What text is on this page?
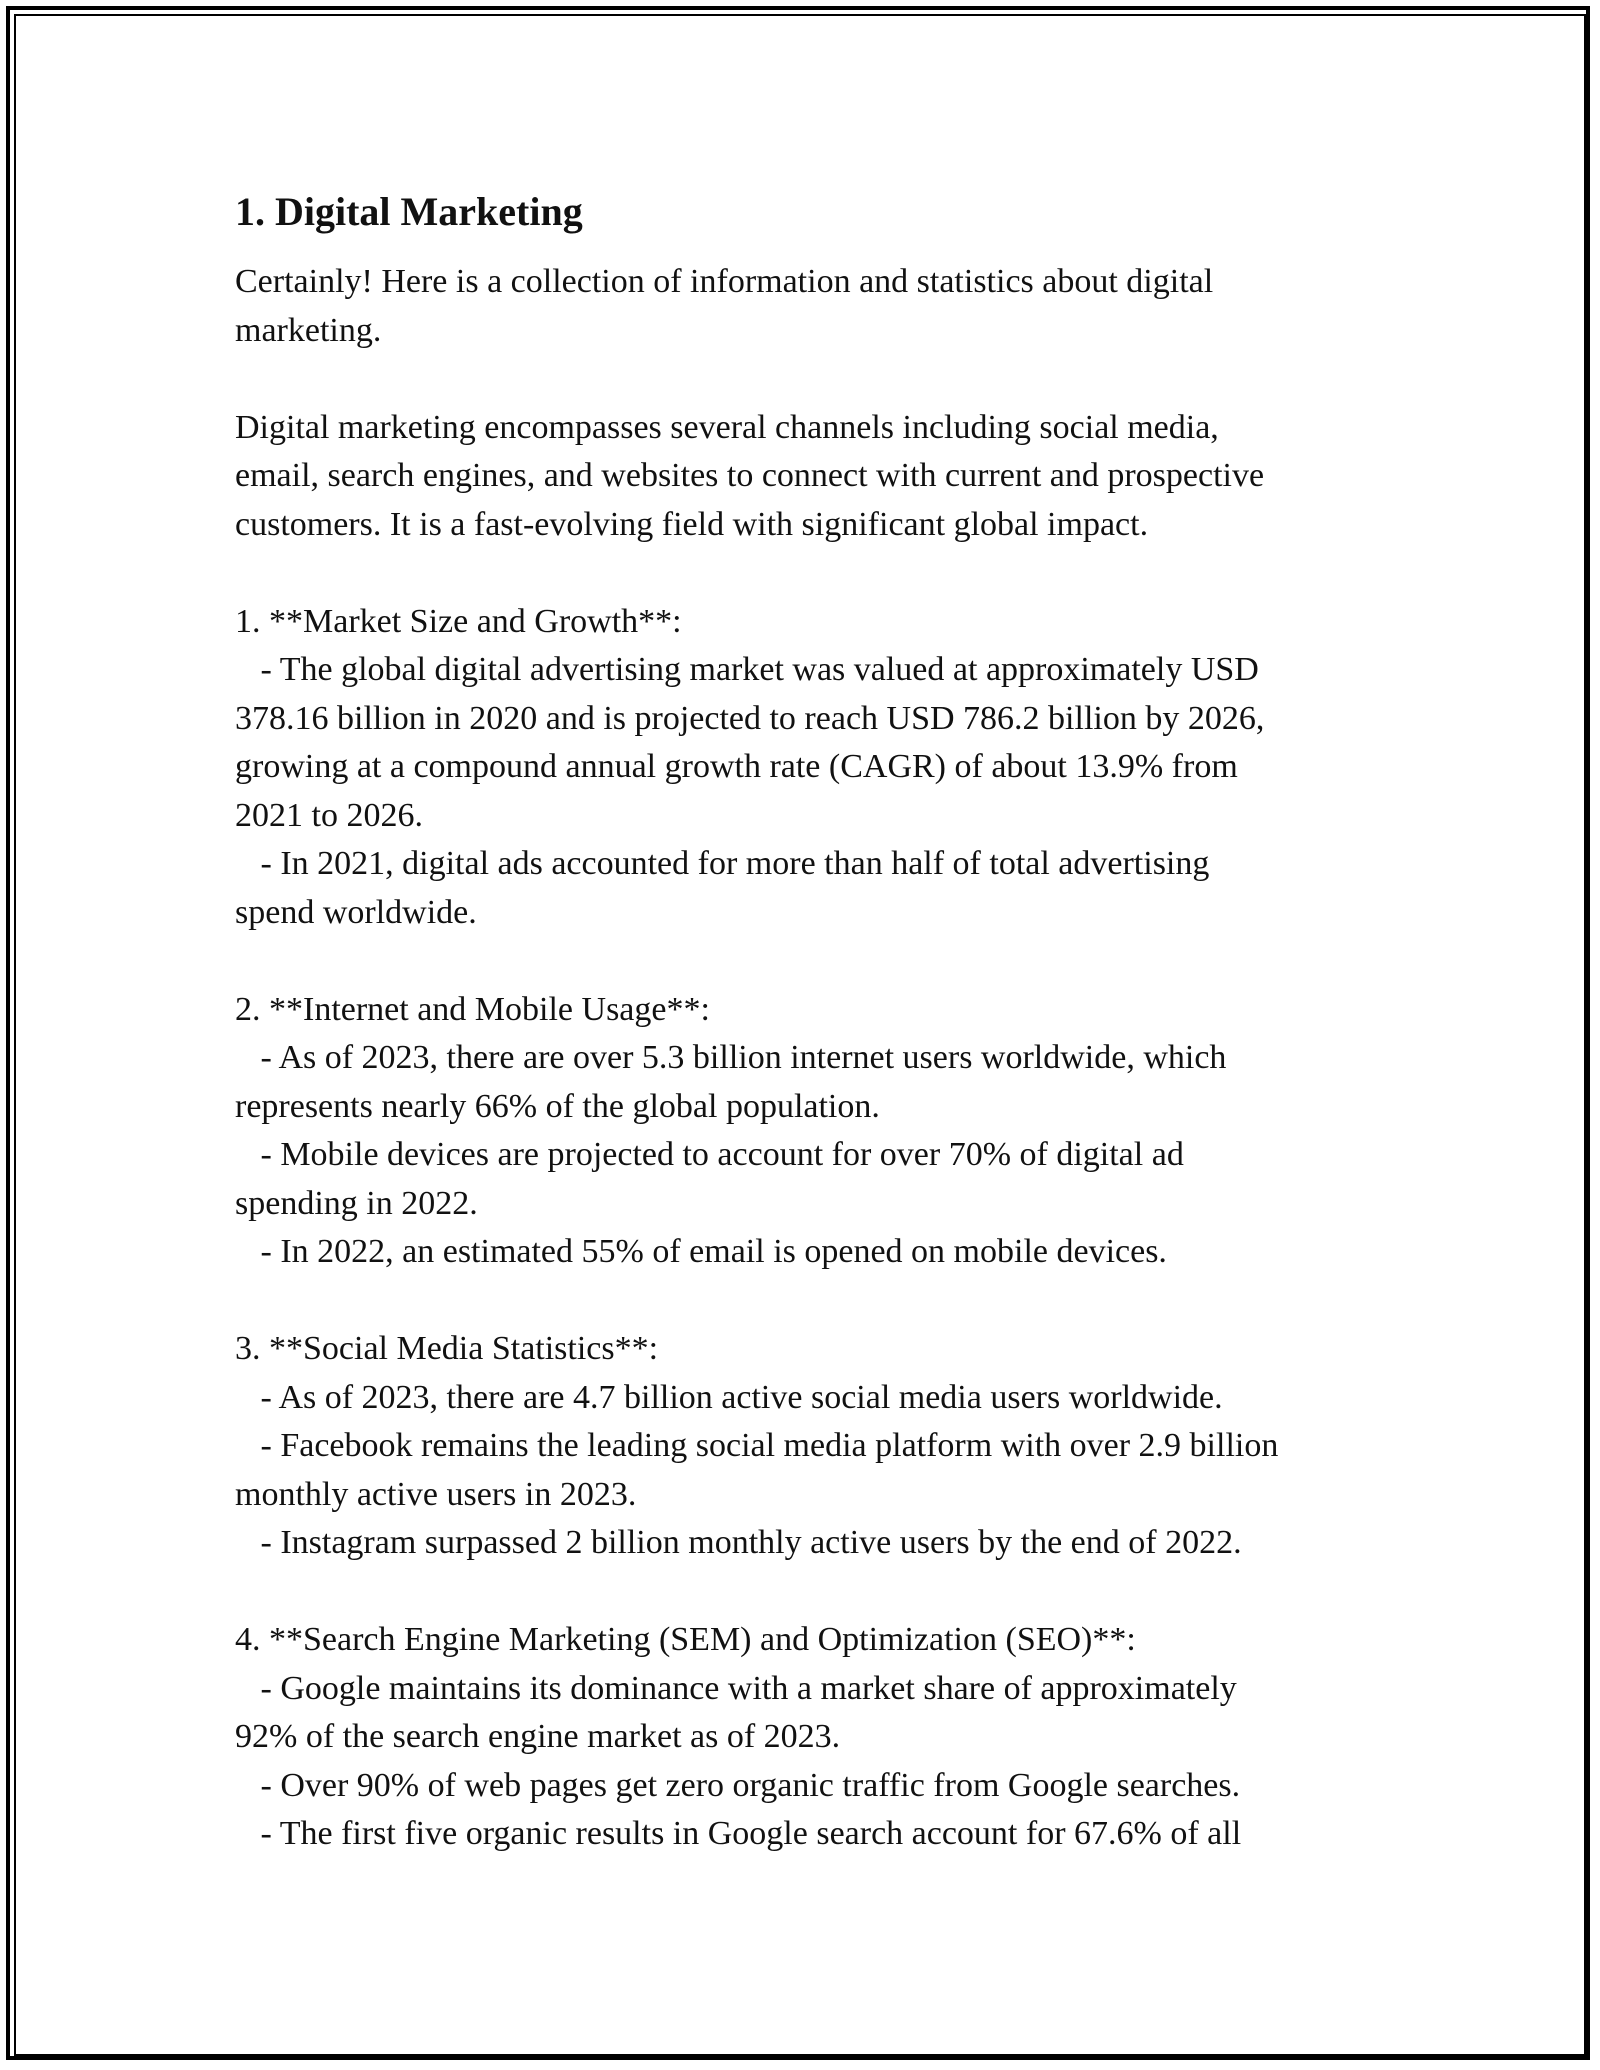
1. Digital Marketing

Certainly! Here is a collection of information and statistics about digital
marketing.

Digital marketing encompasses several channels including social media,
email, search engines, and websites to connect with current and prospective
customers. It is a fast-evolving field with significant global impact.

1. **Market Size and Growth**:
- The global digital advertising market was valued at approximately USD
378.16 billion in 2020 and is projected to reach USD 786.2 billion by 2026,
growing at a compound annual growth rate (CAGR) of about 13.9% from
2021 to 2026.
- In 2021, digital ads accounted for more than half of total advertising
spend worldwide.

2. **Internet and Mobile Usage**:
- As of 2023, there are over 5.3 billion internet users worldwide, which
represents nearly 66% of the global population.
- Mobile devices are projected to account for over 70% of digital ad
spending in 2022.
- In 2022, an estimated 55% of email is opened on mobile devices.

3. **Social Media Statistics**:
- As of 2023, there are 4.7 billion active social media users worldwide.
- Facebook remains the leading social media platform with over 2.9 billion
monthly active users in 2023.
- Instagram surpassed 2 billion monthly active users by the end of 2022.

4. **Search Engine Marketing (SEM) and Optimization (SEO)**:
- Google maintains its dominance with a market share of approximately
92% of the search engine market as of 2023.
- Over 90% of web pages get zero organic traffic from Google searches.
- The first five organic results in Google search account for 67.6% of all
